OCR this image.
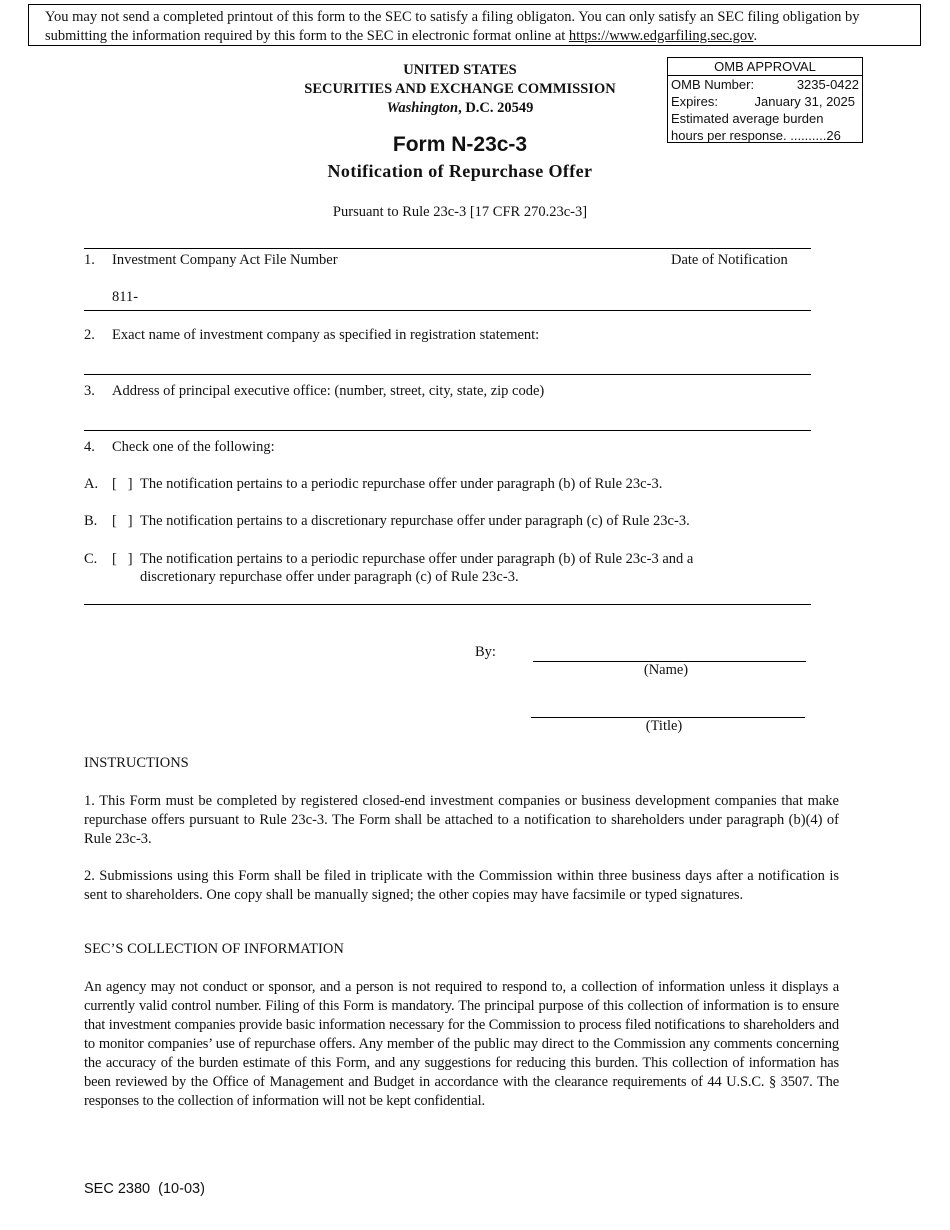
You may not send a completed printout of this form to the SEC to satisfy a filing obligaton. You can only satisfy an SEC filing obligation by submitting the information required by this form to the SEC in electronic format online at https://www.edgarfiling.sec.gov.
UNITED STATES
SECURITIES AND EXCHANGE COMMISSION
Washington, D.C. 20549
OMB APPROVAL
OMB Number:	3235-0422
Expires:	January 31, 2025
Estimated average burden
hours per response. ..........26
Form N-23c-3
Notification of Repurchase Offer
Pursuant to Rule 23c-3 [17 CFR 270.23c-3]
1. Investment Company Act File Number	Date of Notification
811-
2. Exact name of investment company as specified in registration statement:
3. Address of principal executive office: (number, street, city, state, zip code)
4. Check one of the following:
A. [   ] The notification pertains to a periodic repurchase offer under paragraph (b) of Rule 23c-3.
B. [   ] The notification pertains to a discretionary repurchase offer under paragraph (c) of Rule 23c-3.
C. [   ] The notification pertains to a periodic repurchase offer under paragraph (b) of Rule 23c-3 and a
discretionary repurchase offer under paragraph (c) of Rule 23c-3.
By:
(Name)
(Title)
INSTRUCTIONS
1. This Form must be completed by registered closed-end investment companies or business development companies that make repurchase offers pursuant to Rule 23c-3. The Form shall be attached to a notification to shareholders under paragraph (b)(4) of Rule 23c-3.
2. Submissions using this Form shall be filed in triplicate with the Commission within three business days after a notification is sent to shareholders. One copy shall be manually signed; the other copies may have facsimile or typed signatures.
SEC’S COLLECTION OF INFORMATION
An agency may not conduct or sponsor, and a person is not required to respond to, a collection of information unless it displays a currently valid control number. Filing of this Form is mandatory. The principal purpose of this collection of information is to ensure that investment companies provide basic information necessary for the Commission to process filed notifications to shareholders and to monitor companies’ use of repurchase offers. Any member of the public may direct to the Commission any comments concerning the accuracy of the burden estimate of this Form, and any suggestions for reducing this burden. This collection of information has been reviewed by the Office of Management and Budget in accordance with the clearance requirements of 44 U.S.C. § 3507. The responses to the collection of information will not be kept confidential.
SEC 2380  (10-03)
